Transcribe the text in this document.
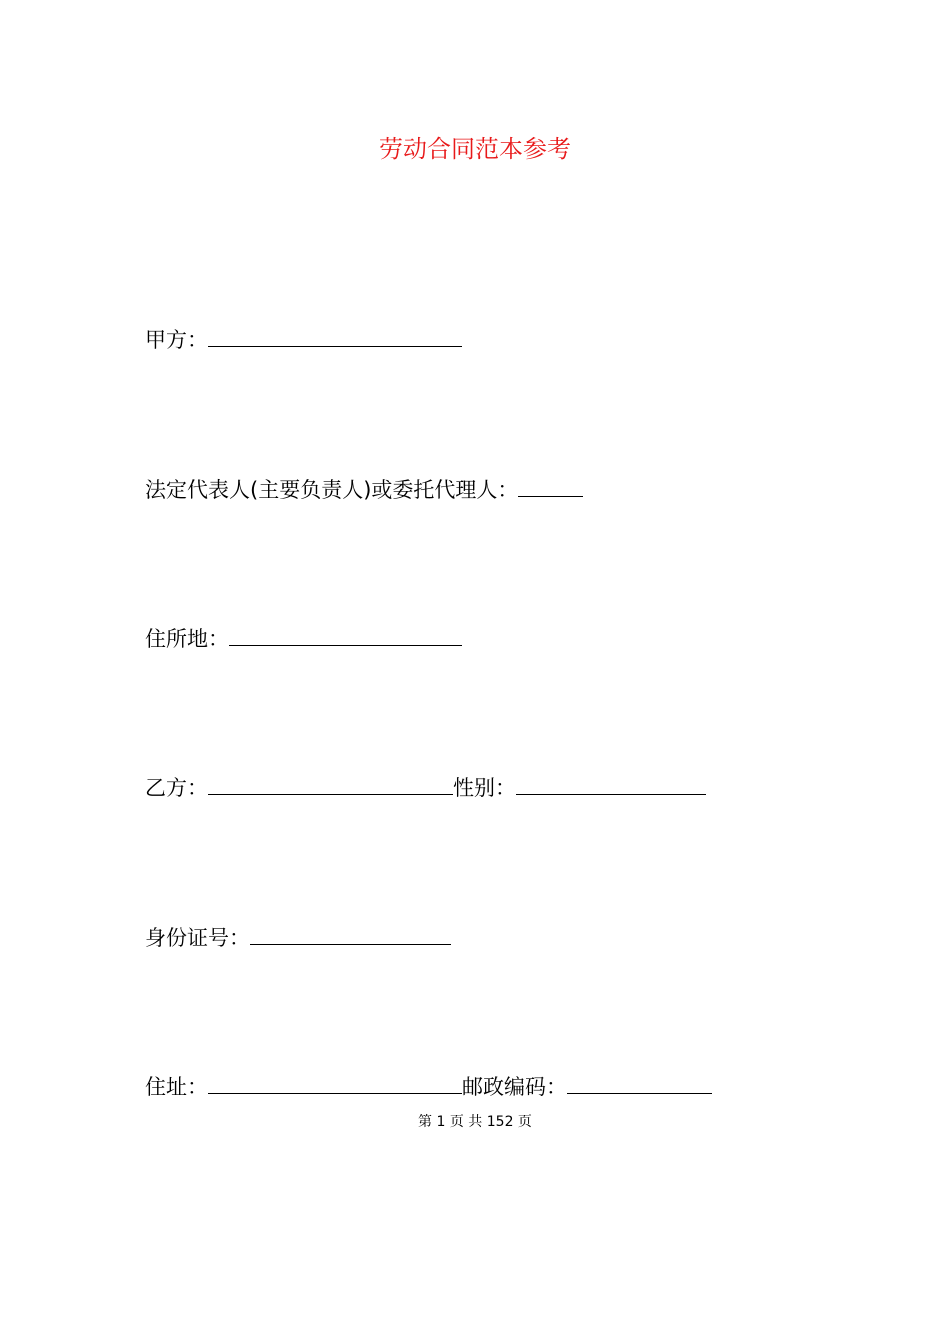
劳动合同范本参考
甲方：
法定代表人(主要负责人)或委托代理人：
住所地：
乙方：	性别：
身份证号：
住址：	邮政编码：
第 1 页 共 152 页
